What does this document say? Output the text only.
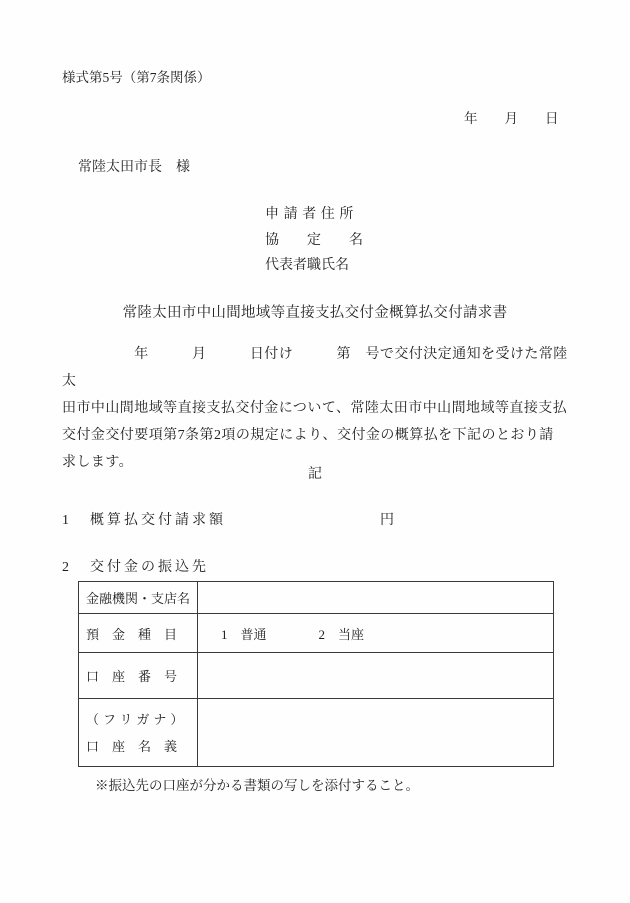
様式第5号（第7条関係）
年　　月　　日
常陸太田市長　様
申請者住所
協　　定　　名
代表者職氏名
常陸太田市中山間地域等直接支払交付金概算払交付請求書
　　　　　年　　　月　　　日付け　　　第　号で交付決定通知を受けた常陸太
田市中山間地域等直接支払交付金について、常陸太田市中山間地域等直接支払
交付金交付要項第7条第2項の規定により、交付金の概算払を下記のとおり請
求します。
記
1 概算払交付請求額	円
2 交付金の振込先
金融機関・支店名
預　金　種　目	1　普通　　　　2　当座
口　座　番　号
（フリガナ）
口　座　名　義
※振込先の口座が分かる書類の写しを添付すること。
